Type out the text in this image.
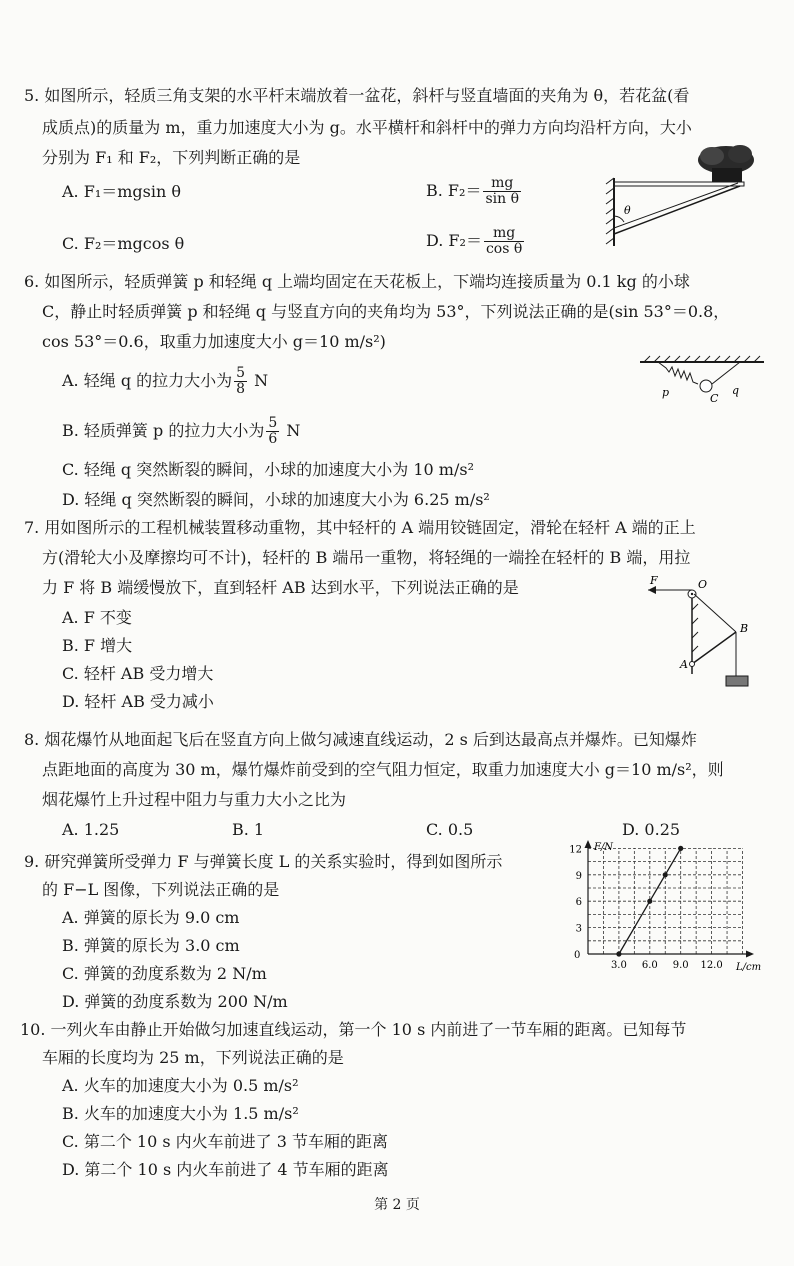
5. 如图所示，轻质三角支架的水平杆末端放着一盆花，斜杆与竖直墙面的夹角为 θ，若花盆(看
成质点)的质量为 m，重力加速度大小为 g。水平横杆和斜杆中的弹力方向均沿杆方向，大小
分别为 F₁ 和 F₂，下列判断正确的是
A. F₁＝mgsin θ	B. $F_2= \frac{mg}{\text{sin θ}}$
C. F₂＝mgcos θ	D. $F_2= \frac{mg}{\text{cos θ}}$
θ
6. 如图所示，轻质弹簧 p 和轻绳 q 上端均固定在天花板上，下端均连接质量为 0.1 kg 的小球
C，静止时轻质弹簧 p 和轻绳 q 与竖直方向的夹角均为 53°，下列说法正确的是(sin 53°＝0.8，
cos 53°＝0.6，取重力加速度大小 g＝10 m/s²)
A. 轻绳 q 的拉力大小为 $\frac{5}{8}$ N
B. 轻质弹簧 p 的拉力大小为 $\frac{5}{6}$ N
C. 轻绳 q 突然断裂的瞬间，小球的加速度大小为 10 m/s²
D. 轻绳 q 突然断裂的瞬间，小球的加速度大小为 6.25 m/s²
p	C
q
7. 用如图所示的工程机械装置移动重物，其中轻杆的 A 端用铰链固定，滑轮在轻杆 A 端的正上
方(滑轮大小及摩擦均可不计)，轻杆的 B 端吊一重物，将轻绳的一端拴在轻杆的 B 端，用拉
力 F 将 B 端缓慢放下，直到轻杆 AB 达到水平，下列说法正确的是
A. F 不变
B. F 增大
C. 轻杆 AB 受力增大
D. 轻杆 AB 受力减小
F	O
B
A
8. 烟花爆竹从地面起飞后在竖直方向上做匀减速直线运动，2 s 后到达最高点并爆炸。已知爆炸
点距地面的高度为 30 m，爆竹爆炸前受到的空气阻力恒定，取重力加速度大小 g＝10 m/s²，则
烟花爆竹上升过程中阻力与重力大小之比为
A. 1.25	B. 1	C. 0.5	D. 0.25
9. 研究弹簧所受弹力 F 与弹簧长度 L 的关系实验时，得到如图所示
的 F−L 图像，下列说法正确的是
A. 弹簧的原长为 9.0 cm
B. 弹簧的原长为 3.0 cm
C. 弹簧的劲度系数为 2 N/m
D. 弹簧的劲度系数为 200 N/m
3.0 6.0 9.0 12.0
3
6
9
12 F/N
L/cm
0
10. 一列火车由静止开始做匀加速直线运动，第一个 10 s 内前进了一节车厢的距离。已知每节
车厢的长度均为 25 m，下列说法正确的是
A. 火车的加速度大小为 0.5 m/s²
B. 火车的加速度大小为 1.5 m/s²
C. 第二个 10 s 内火车前进了 3 节车厢的距离
D. 第二个 10 s 内火车前进了 4 节车厢的距离
第 2 页
